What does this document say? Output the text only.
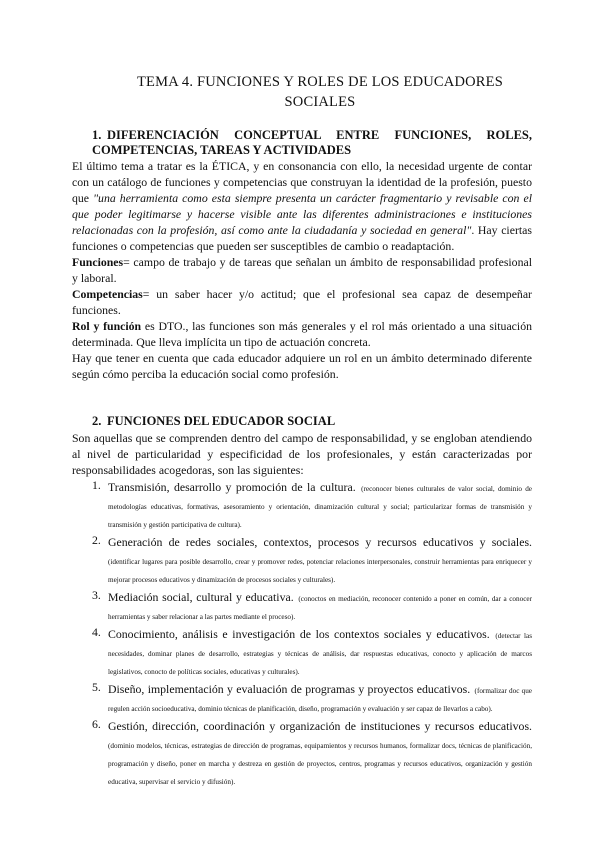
TEMA 4. FUNCIONES Y ROLES DE LOS EDUCADORES SOCIALES
1. DIFERENCIACIÓN CONCEPTUAL ENTRE FUNCIONES, ROLES, COMPETENCIAS, TAREAS Y ACTIVIDADES

El último tema a tratar es la ÉTICA, y en consonancia con ello, la necesidad urgente de contar con un catálogo de funciones y competencias que construyan la identidad de la profesión, puesto que "una herramienta como esta siempre presenta un carácter fragmentario y revisable con el que poder legitimarse y hacerse visible ante las diferentes administraciones e instituciones relacionadas con la profesión, así como ante la ciudadanía y sociedad en general". Hay ciertas funciones o competencias que pueden ser susceptibles de cambio o readaptación.

Funciones= campo de trabajo y de tareas que señalan un ámbito de responsabilidad profesional y laboral.

Competencias= un saber hacer y/o actitud; que el profesional sea capaz de desempeñar funciones.

Rol y función es DTO., las funciones son más generales y el rol más orientado a una situación determinada. Que lleva implícita un tipo de actuación concreta.

Hay que tener en cuenta que cada educador adquiere un rol en un ámbito determinado diferente según cómo perciba la educación social como profesión.

2. FUNCIONES DEL EDUCADOR SOCIAL

Son aquellas que se comprenden dentro del campo de responsabilidad, y se engloban atendiendo al nivel de particularidad y especificidad de los profesionales, y están caracterizadas por responsabilidades acogedoras, son las siguientes:

1. Transmisión, desarrollo y promoción de la cultura. (reconocer bienes culturales de valor social, dominio de metodologías educativas, formativas, asesoramiento y orientación, dinamización cultural y social; particularizar formas de transmisión y transmisión y gestión participativa de cultura).
2. Generación de redes sociales, contextos, procesos y recursos educativos y sociales. (identificar lugares para posible desarrollo, crear y promover redes, potenciar relaciones interpersonales, construir herramientas para enriquecer y mejorar procesos educativos y dinamización de procesos sociales y culturales).
3. Mediación social, cultural y educativa. (conoctos en mediación, reconocer contenido a poner en común, dar a conocer herramientas y saber relacionar a las partes mediante el proceso).
4. Conocimiento, análisis e investigación de los contextos sociales y educativos. (detectar las necesidades, dominar planes de desarrollo, estrategias y técnicas de análisis, dar respuestas educativas, conocto y aplicación de marcos legislativos, conocto de políticas sociales, educativas y culturales).
5. Diseño, implementación y evaluación de programas y proyectos educativos. (formalizar doc que regulen acción socioeducativa, dominio técnicas de planificación, diseño, programación y evaluación y ser capaz de llevarlos a cabo).
6. Gestión, dirección, coordinación y organización de instituciones y recursos educativos. (dominio modelos, técnicas, estrategias de dirección de programas, equipamientos y recursos humanos, formalizar docs, técnicas de planificación, programación y diseño, poner en marcha y destreza en gestión de proyectos, centros, programas y recursos educativos, organización y gestión educativa, supervisar el servicio y difusión).
